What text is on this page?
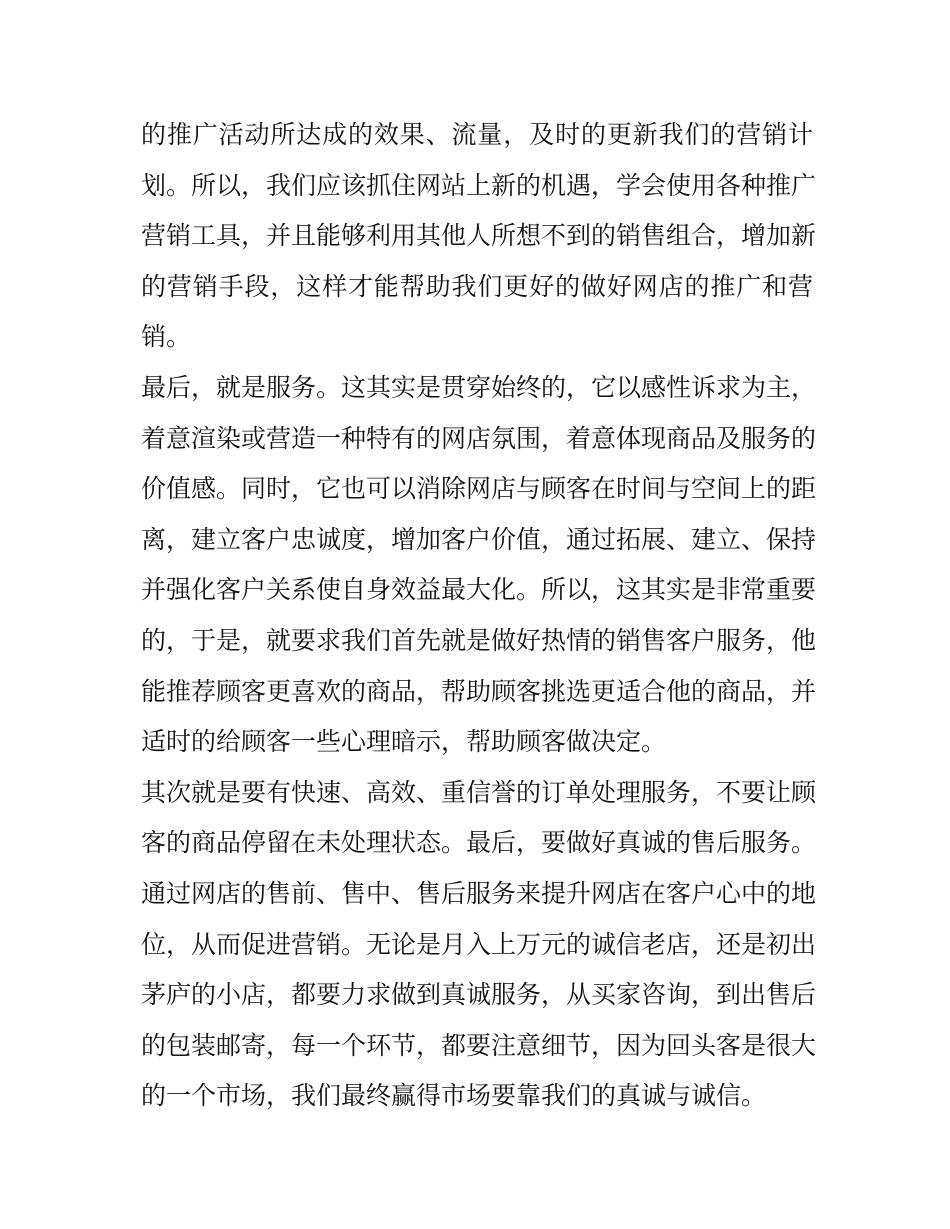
的推广活动所达成的效果、流量，及时的更新我们的营销计
划。所以，我们应该抓住网站上新的机遇，学会使用各种推广
营销工具，并且能够利用其他人所想不到的销售组合，增加新
的营销手段，这样才能帮助我们更好的做好网店的推广和营
销。
最后，就是服务。这其实是贯穿始终的，它以感性诉求为主，
着意渲染或营造一种特有的网店氛围，着意体现商品及服务的
价值感。同时，它也可以消除网店与顾客在时间与空间上的距
离，建立客户忠诚度，增加客户价值，通过拓展、建立、保持
并强化客户关系使自身效益最大化。所以，这其实是非常重要
的，于是，就要求我们首先就是做好热情的销售客户服务，他
能推荐顾客更喜欢的商品，帮助顾客挑选更适合他的商品，并
适时的给顾客一些心理暗示，帮助顾客做决定。
其次就是要有快速、高效、重信誉的订单处理服务，不要让顾
客的商品停留在未处理状态。最后，要做好真诚的售后服务。
通过网店的售前、售中、售后服务来提升网店在客户心中的地
位，从而促进营销。无论是月入上万元的诚信老店，还是初出
茅庐的小店，都要力求做到真诚服务，从买家咨询，到出售后
的包装邮寄，每一个环节，都要注意细节，因为回头客是很大
的一个市场，我们最终赢得市场要靠我们的真诚与诚信。
